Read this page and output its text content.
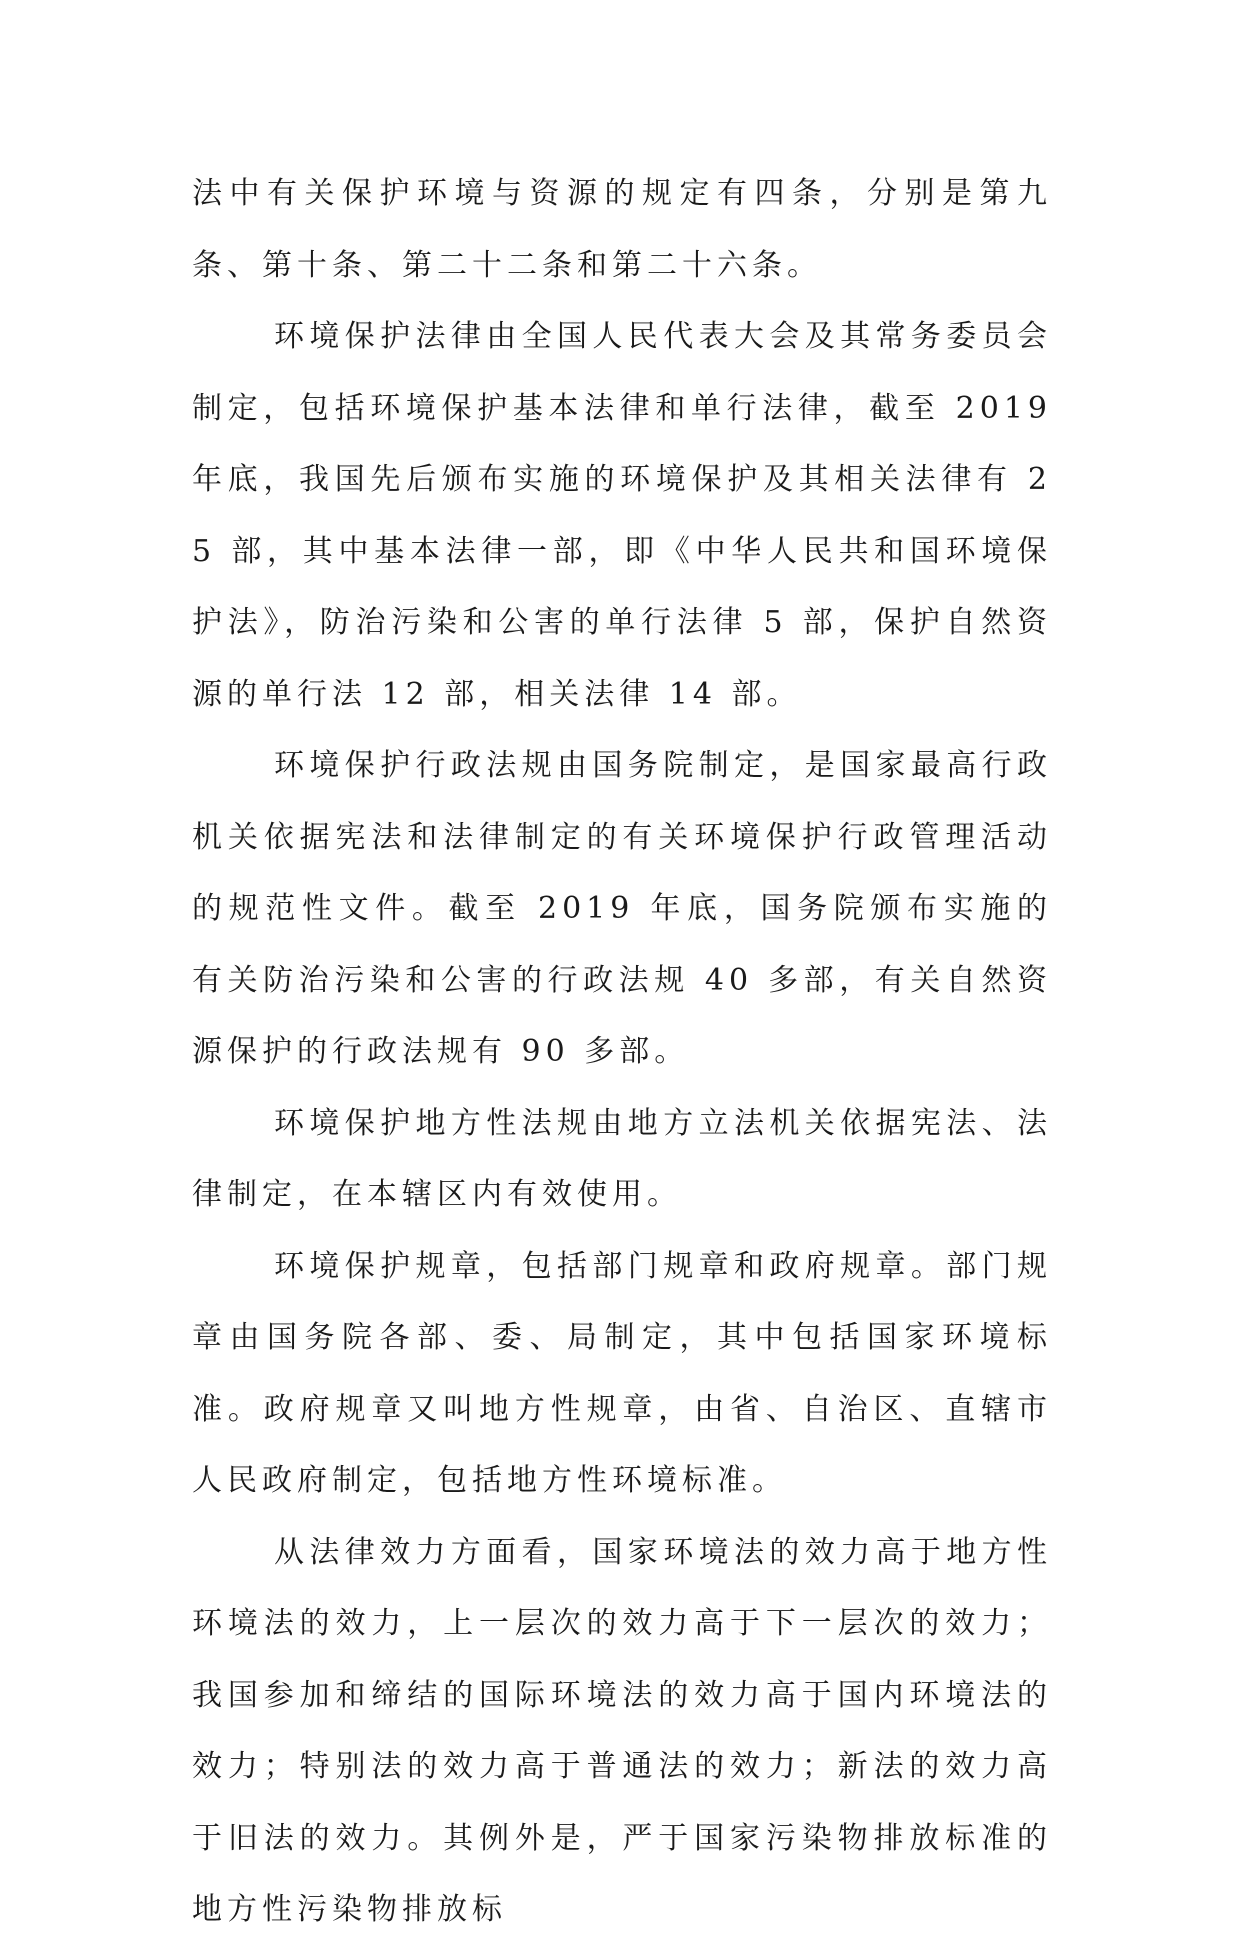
法中有关保护环境与资源的规定有四条，分别是第九条、第十条、第二十二条和第二十六条。

环境保护法律由全国人民代表大会及其常务委员会制定，包括环境保护基本法律和单行法律，截至 2019 年底，我国先后颁布实施的环境保护及其相关法律有 25 部，其中基本法律一部，即《中华人民共和国环境保护法》，防治污染和公害的单行法律 5 部，保护自然资源的单行法 12 部，相关法律 14 部。

环境保护行政法规由国务院制定，是国家最高行政机关依据宪法和法律制定的有关环境保护行政管理活动的规范性文件。截至 2019 年底，国务院颁布实施的有关防治污染和公害的行政法规 40 多部，有关自然资源保护的行政法规有 90 多部。

环境保护地方性法规由地方立法机关依据宪法、法律制定，在本辖区内有效使用。

环境保护规章，包括部门规章和政府规章。部门规章由国务院各部、委、局制定，其中包括国家环境标准。政府规章又叫地方性规章，由省、自治区、直辖市人民政府制定，包括地方性环境标准。

从法律效力方面看，国家环境法的效力高于地方性环境法的效力，上一层次的效力高于下一层次的效力；我国参加和缔结的国际环境法的效力高于国内环境法的效力；特别法的效力高于普通法的效力；新法的效力高于旧法的效力。其例外是，严于国家污染物排放标准的地方性污染物排放标
